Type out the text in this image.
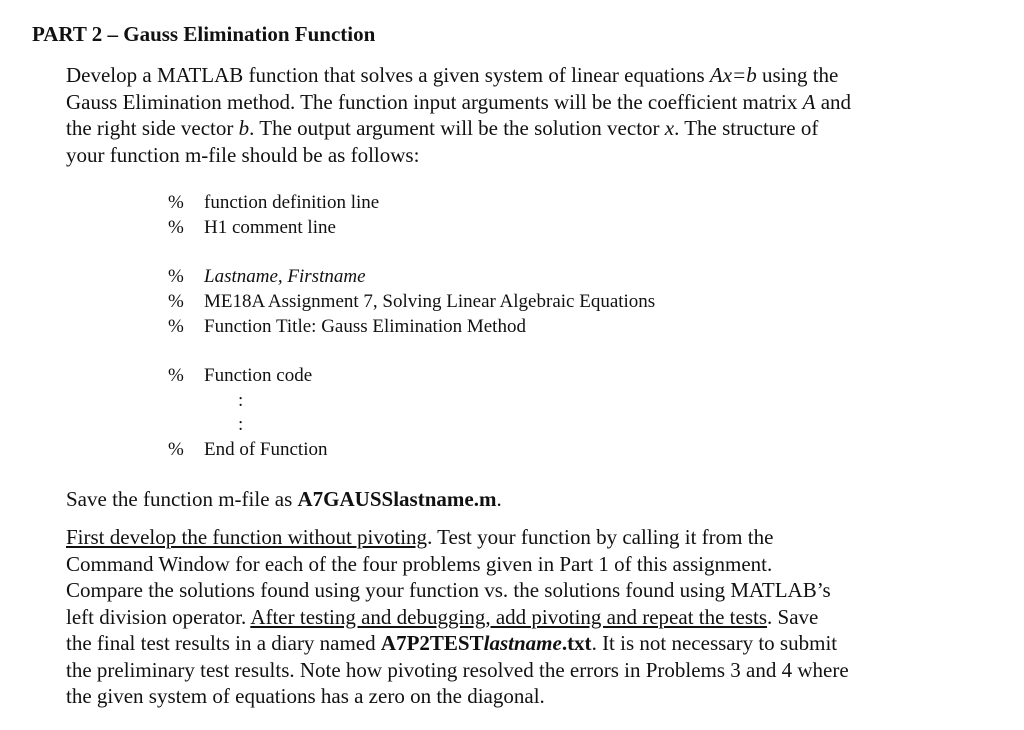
PART 2 – Gauss Elimination Function
Develop a MATLAB function that solves a given system of linear equations Ax=b using the
Gauss Elimination method. The function input arguments will be the coefficient matrix A and
the right side vector b. The output argument will be the solution vector x. The structure of
your function m-file should be as follows:
% function definition line
% H1 comment line
% Lastname, Firstname
% ME18A Assignment 7, Solving Linear Algebraic Equations
% Function Title: Gauss Elimination Method
% Function code
:
:
% End of Function
Save the function m-file as A7GAUSSlastname.m.
First develop the function without pivoting. Test your function by calling it from the
Command Window for each of the four problems given in Part 1 of this assignment.
Compare the solutions found using your function vs. the solutions found using MATLAB’s
left division operator. After testing and debugging, add pivoting and repeat the tests. Save
the final test results in a diary named A7P2TESTlastname.txt. It is not necessary to submit
the preliminary test results. Note how pivoting resolved the errors in Problems 3 and 4 where
the given system of equations has a zero on the diagonal.
